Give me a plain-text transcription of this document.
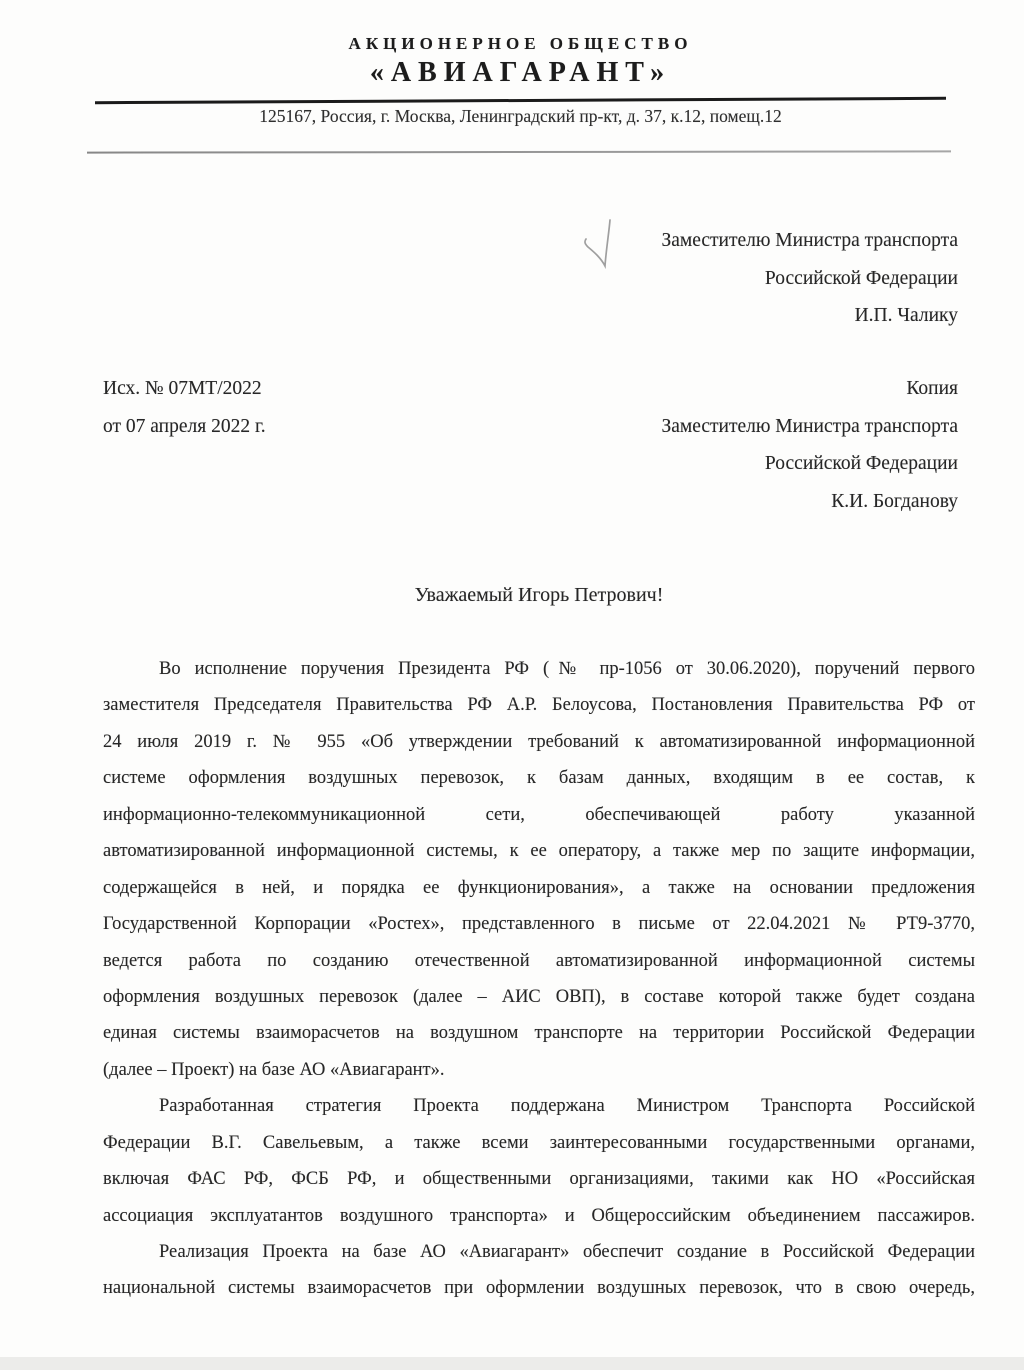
АКЦИОНЕРНОЕ ОБЩЕСТВО
«АВИАГАРАНТ»
125167, Россия, г. Москва, Ленинградский пр-кт, д. 37, к.12, помещ.12
Заместителю Министра транспорта
Российской Федерации
И.П. Чалику
Исх. № 07МТ/2022
от 07 апреля 2022 г.
Копия
Заместителю Министра транспорта
Российской Федерации
К.И. Богданову
Уважаемый Игорь Петрович!
Во исполнение поручения Президента РФ (№ пр-1056 от 30.06.2020), поручений первого
заместителя Председателя Правительства РФ А.Р. Белоусова, Постановления Правительства РФ от
24 июля 2019 г. № 955 «Об утверждении требований к автоматизированной информационной
системе оформления воздушных перевозок, к базам данных, входящим в ее состав, к
информационно-телекоммуникационной сети, обеспечивающей работу указанной
автоматизированной информационной системы, к ее оператору, а также мер по защите информации,
содержащейся в ней, и порядка ее функционирования», а также на основании предложения
Государственной Корпорации «Ростех», представленного в письме от 22.04.2021 № РТ9-3770,
ведется работа по созданию отечественной автоматизированной информационной системы
оформления воздушных перевозок (далее – АИС ОВП), в составе которой также будет создана
единая системы взаиморасчетов на воздушном транспорте на территории Российской Федерации
(далее – Проект) на базе АО «Авиагарант».
Разработанная стратегия Проекта поддержана Министром Транспорта Российской
Федерации В.Г. Савельевым, а также всеми заинтересованными государственными органами,
включая ФАС РФ, ФСБ РФ, и общественными организациями, такими как НО «Российская
ассоциация эксплуатантов воздушного транспорта» и Общероссийским объединением пассажиров.
Реализация Проекта на базе АО «Авиагарант» обеспечит создание в Российской Федерации
национальной системы взаиморасчетов при оформлении воздушных перевозок, что в свою очередь,
